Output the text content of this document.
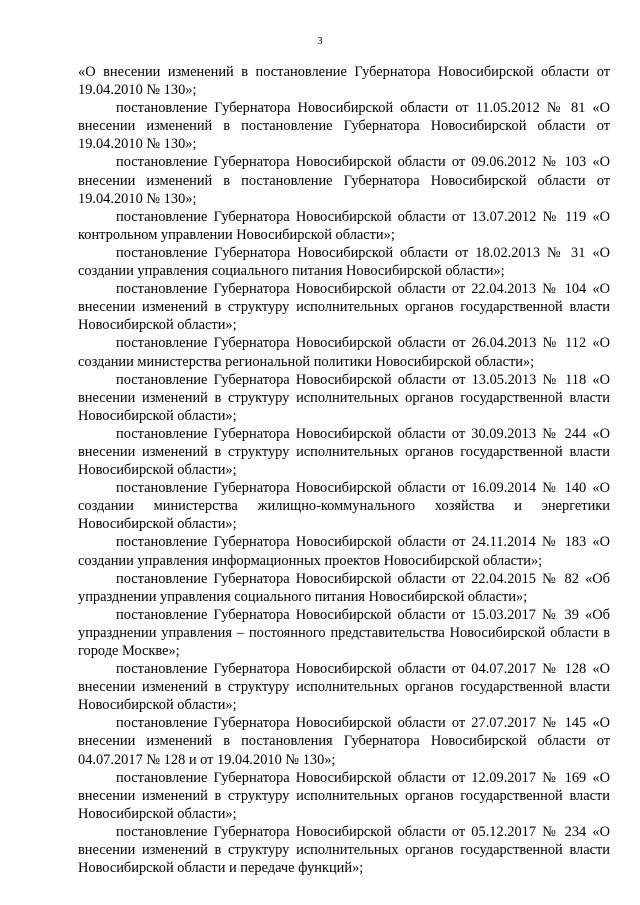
3

«О внесении изменений в постановление Губернатора Новосибирской области от 19.04.2010 № 130»;

постановление Губернатора Новосибирской области от 11.05.2012 № 81 «О внесении изменений в постановление Губернатора Новосибирской области от 19.04.2010 № 130»;

постановление Губернатора Новосибирской области от 09.06.2012 № 103 «О внесении изменений в постановление Губернатора Новосибирской области от 19.04.2010 № 130»;

постановление Губернатора Новосибирской области от 13.07.2012 № 119 «О контрольном управлении Новосибирской области»;

постановление Губернатора Новосибирской области от 18.02.2013 № 31 «О создании управления социального питания Новосибирской области»;

постановление Губернатора Новосибирской области от 22.04.2013 № 104 «О внесении изменений в структуру исполнительных органов государственной власти Новосибирской области»;

постановление Губернатора Новосибирской области от 26.04.2013 № 112 «О создании министерства региональной политики Новосибирской области»;

постановление Губернатора Новосибирской области от 13.05.2013 № 118 «О внесении изменений в структуру исполнительных органов государственной власти Новосибирской области»;

постановление Губернатора Новосибирской области от 30.09.2013 № 244 «О внесении изменений в структуру исполнительных органов государственной власти Новосибирской области»;

постановление Губернатора Новосибирской области от 16.09.2014 № 140 «О создании министерства жилищно-коммунального хозяйства и энергетики Новосибирской области»;

постановление Губернатора Новосибирской области от 24.11.2014 № 183 «О создании управления информационных проектов Новосибирской области»;

постановление Губернатора Новосибирской области от 22.04.2015 № 82 «Об упразднении управления социального питания Новосибирской области»;

постановление Губернатора Новосибирской области от 15.03.2017 № 39 «Об упразднении управления – постоянного представительства Новосибирской области в городе Москве»;

постановление Губернатора Новосибирской области от 04.07.2017 № 128 «О внесении изменений в структуру исполнительных органов государственной власти Новосибирской области»;

постановление Губернатора Новосибирской области от 27.07.2017 № 145 «О внесении изменений в постановления Губернатора Новосибирской области от 04.07.2017 № 128 и от 19.04.2010 № 130»;

постановление Губернатора Новосибирской области от 12.09.2017 № 169 «О внесении изменений в структуру исполнительных органов государственной власти Новосибирской области»;

постановление Губернатора Новосибирской области от 05.12.2017 № 234 «О внесении изменений в структуру исполнительных органов государственной власти Новосибирской области и передаче функций»;
